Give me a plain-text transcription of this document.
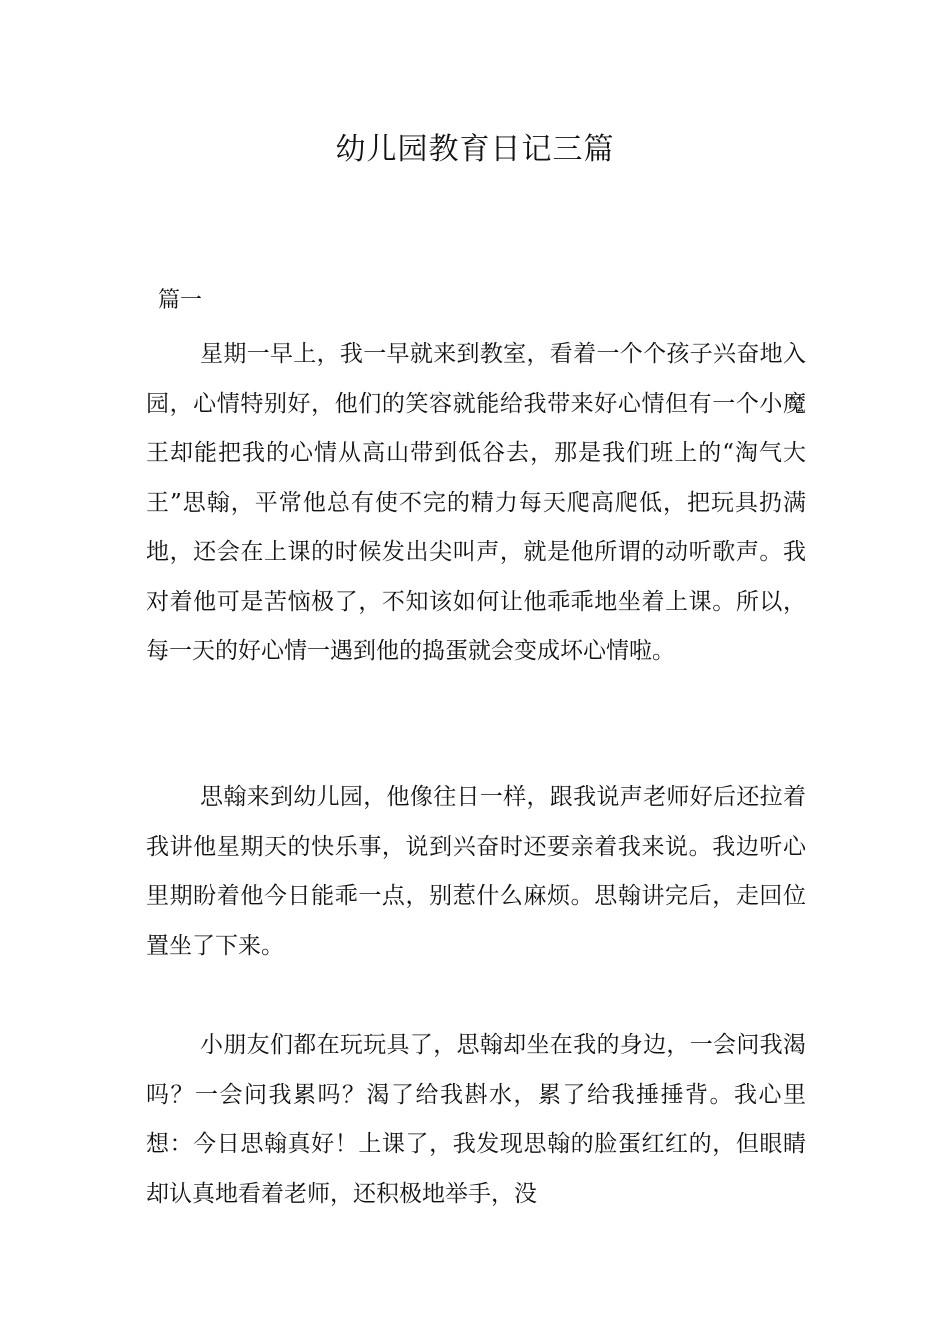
幼儿园教育日记三篇

篇一

星期一早上，我一早就来到教室，看着一个个孩子兴奋地入园，心情特别好，他们的笑容就能给我带来好心情但有一个小魔王却能把我的心情从高山带到低谷去，那是我们班上的“淘气大王”思翰，平常他总有使不完的精力每天爬高爬低，把玩具扔满地，还会在上课的时候发出尖叫声，就是他所谓的动听歌声。我对着他可是苦恼极了，不知该如何让他乖乖地坐着上课。所以，每一天的好心情一遇到他的捣蛋就会变成坏心情啦。

思翰来到幼儿园，他像往日一样，跟我说声老师好后还拉着我讲他星期天的快乐事，说到兴奋时还要亲着我来说。我边听心里期盼着他今日能乖一点，别惹什么麻烦。思翰讲完后，走回位置坐了下来。

小朋友们都在玩玩具了，思翰却坐在我的身边，一会问我渴吗？一会问我累吗？渴了给我斟水，累了给我捶捶背。我心里想：今日思翰真好！上课了，我发现思翰的脸蛋红红的，但眼睛却认真地看着老师，还积极地举手，没
